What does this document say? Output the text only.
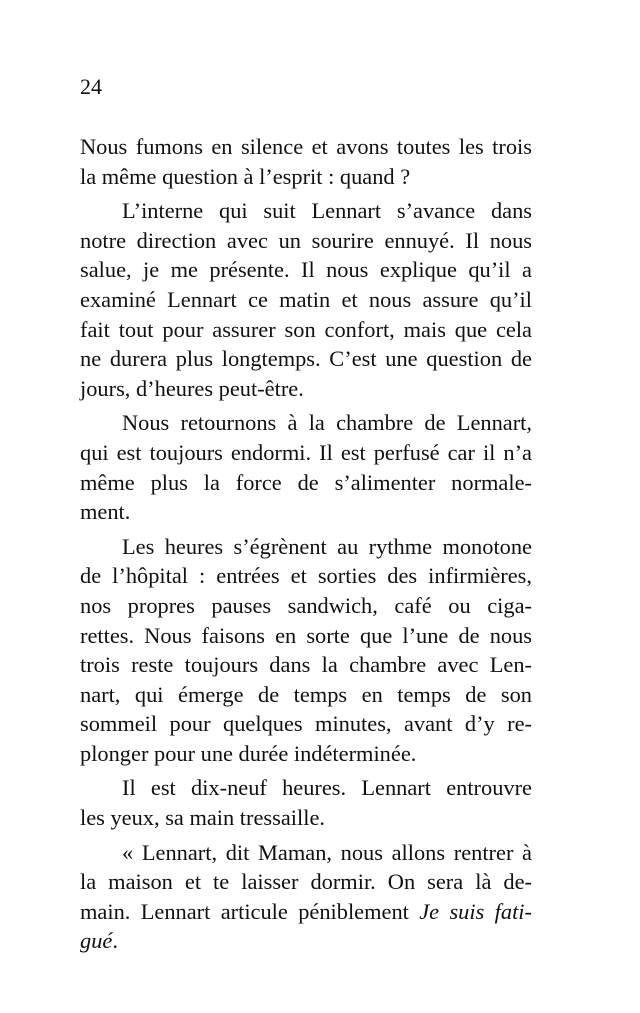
24

Nous fumons en silence et avons toutes les trois
la même question à l’esprit : quand ?

L’interne qui suit Lennart s’avance dans
notre direction avec un sourire ennuyé. Il nous
salue, je me présente. Il nous explique qu’il a
examiné Lennart ce matin et nous assure qu’il
fait tout pour assurer son confort, mais que cela
ne durera plus longtemps. C’est une question de
jours, d’heures peut-être.

Nous retournons à la chambre de Lennart,
qui est toujours endormi. Il est perfusé car il n’a
même plus la force de s’alimenter normale-
ment.

Les heures s’égrènent au rythme monotone
de l’hôpital : entrées et sorties des infirmières,
nos propres pauses sandwich, café ou ciga-
rettes. Nous faisons en sorte que l’une de nous
trois reste toujours dans la chambre avec Len-
nart, qui émerge de temps en temps de son
sommeil pour quelques minutes, avant d’y re-
plonger pour une durée indéterminée.

Il est dix-neuf heures. Lennart entrouvre
les yeux, sa main tressaille.

« Lennart, dit Maman, nous allons rentrer à
la maison et te laisser dormir. On sera là de-
main. Lennart articule péniblement Je suis fati-
gué.
